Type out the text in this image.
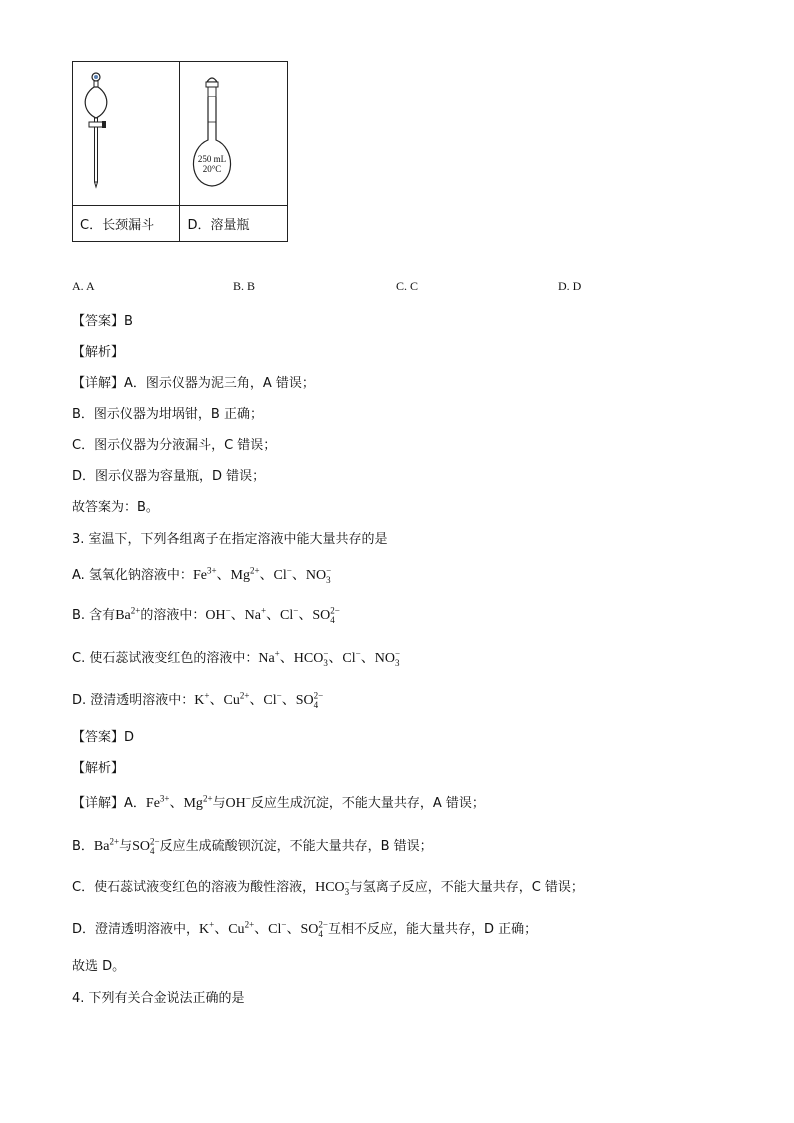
250 mL
20°C

C．长颈漏斗	D．溶量瓶
A. A	B. B	C. C	D. D
【答案】B
【解析】
【详解】A．图示仪器为泥三角，A 错误；
B．图示仪器为坩埚钳，B 正确；
C．图示仪器为分液漏斗，C 错误；
D．图示仪器为容量瓶，D 错误；
故答案为：B。
3. 室温下，下列各组离子在指定溶液中能大量共存的是
A. 氢氧化钠溶液中：$Fe^{3+}$、$Mg^{2+}$、Cl−、NO 3
−
B. 含有$Ba^{2+}$的溶液中：OH−、Na+、Cl−、SO 4
$^{2-}$
C. 使石蕊试液变红色的溶液中：Na+、HCO 3
−、Cl−、NO 3
−
D. 澄清透明溶液中：K+、$Cu^{2+}$、Cl−、SO 4
$^{2-}$
【答案】D
【解析】
【详解】A．$Fe^{3+}$、$Mg^{2+}$与OH−反应生成沉淀，不能大量共存，A 错误；
B．$Ba^{2+}$与SO 4
$^{2-}$反应生成硫酸钡沉淀，不能大量共存，B 错误；
C．使石蕊试液变红色的溶液为酸性溶液，HCO 3
−与氢离子反应，不能大量共存，C 错误；
D．澄清透明溶液中，K+、$Cu^{2+}$、Cl−、SO 4
$^{2-}$互相不反应，能大量共存，D 正确；
故选 D。
4. 下列有关合金说法正确的是
